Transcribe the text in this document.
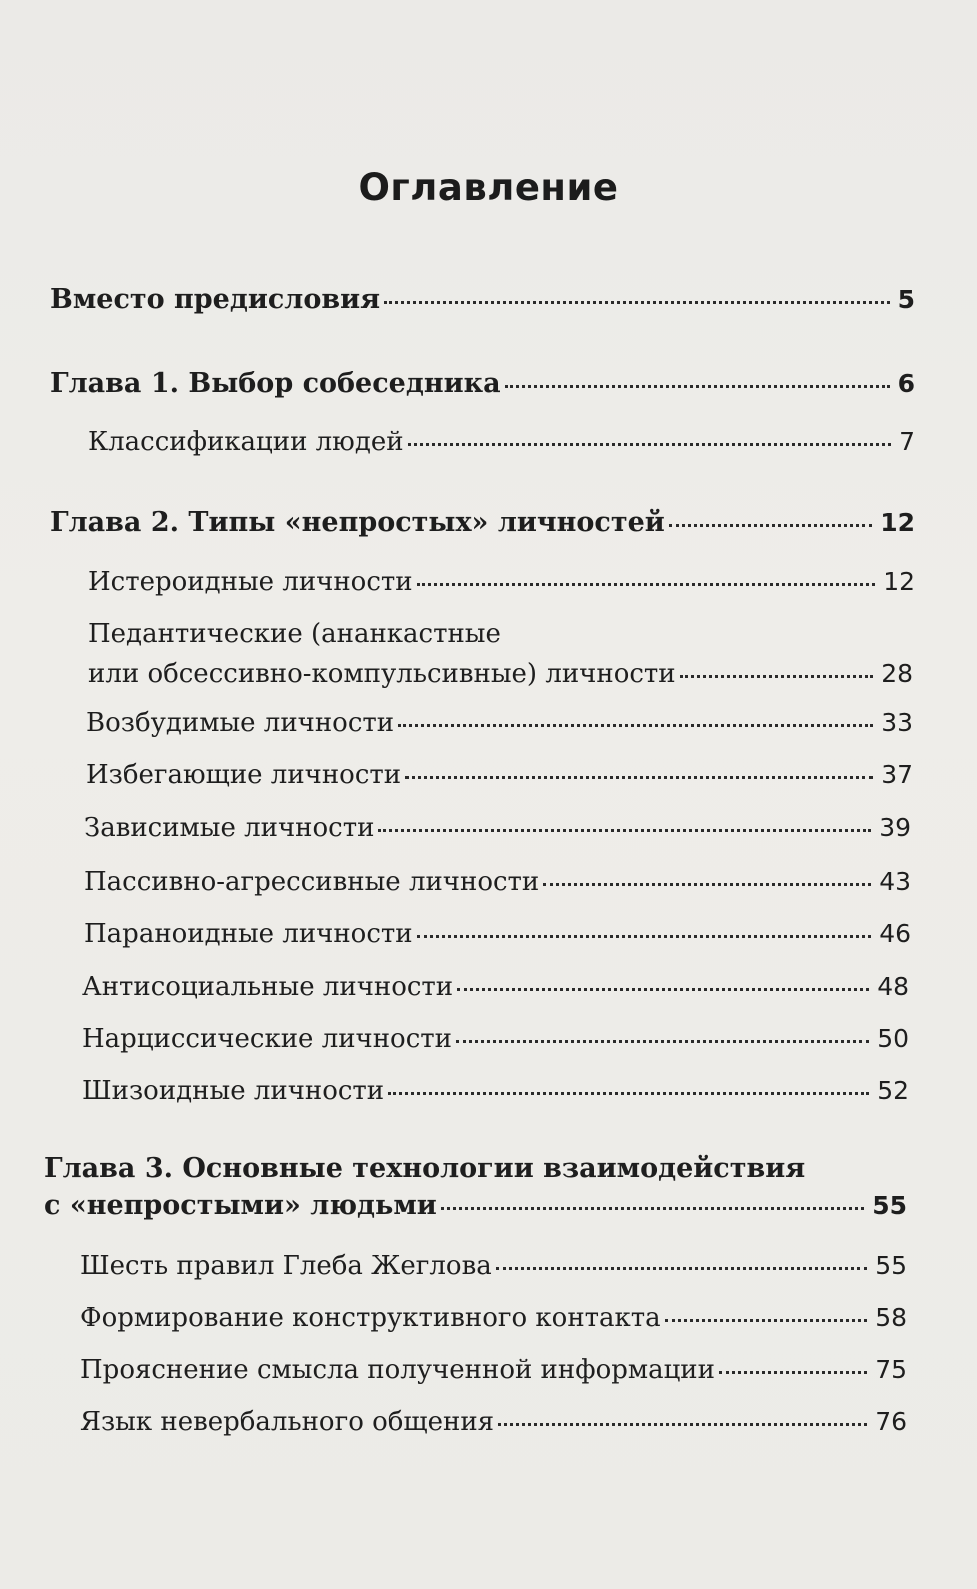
Оглавление
Вместо предисловия	5
Глава 1. Выбор собеседника	6
Классификации людей	7
Глава 2. Типы «непростых» личностей	12
Истероидные личности	12
Педантические (ананкастные
или обсессивно-компульсивные) личности	28
Возбудимые личности	33
Избегающие личности	37
Зависимые личности	39
Пассивно-агрессивные личности	43
Параноидные личности	46
Антисоциальные личности	48
Нарциссические личности	50
Шизоидные личности	52
Глава 3. Основные технологии взаимодействия
с «непростыми» людьми	55
Шесть правил Глеба Жеглова	55
Формирование конструктивного контакта	58
Прояснение смысла полученной информации	75
Язык невербального общения	76
